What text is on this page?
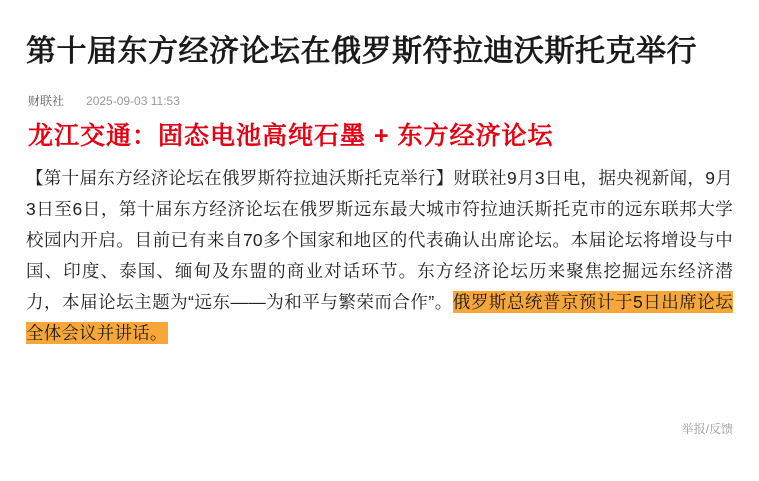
第十届东方经济论坛在俄罗斯符拉迪沃斯托克举行
财联社 2025-09-03 11:53
龙江交通：固态电池高纯石墨 + 东方经济论坛

【第十届东方经济论坛在俄罗斯符拉迪沃斯托克举行】财联社9月3日电，据央视新闻，9月3日至6日，第十届东方经济论坛在俄罗斯远东最大城市符拉迪沃斯托克市的远东联邦大学校园内开启。目前已有来自70多个国家和地区的代表确认出席论坛。本届论坛将增设与中国、印度、泰国、缅甸及东盟的商业对话环节。东方经济论坛历来聚焦挖掘远东经济潜力，本届论坛主题为“远东——为和平与繁荣而合作”。俄罗斯总统普京预计于5日出席论坛全体会议并讲话。

举报/反馈
